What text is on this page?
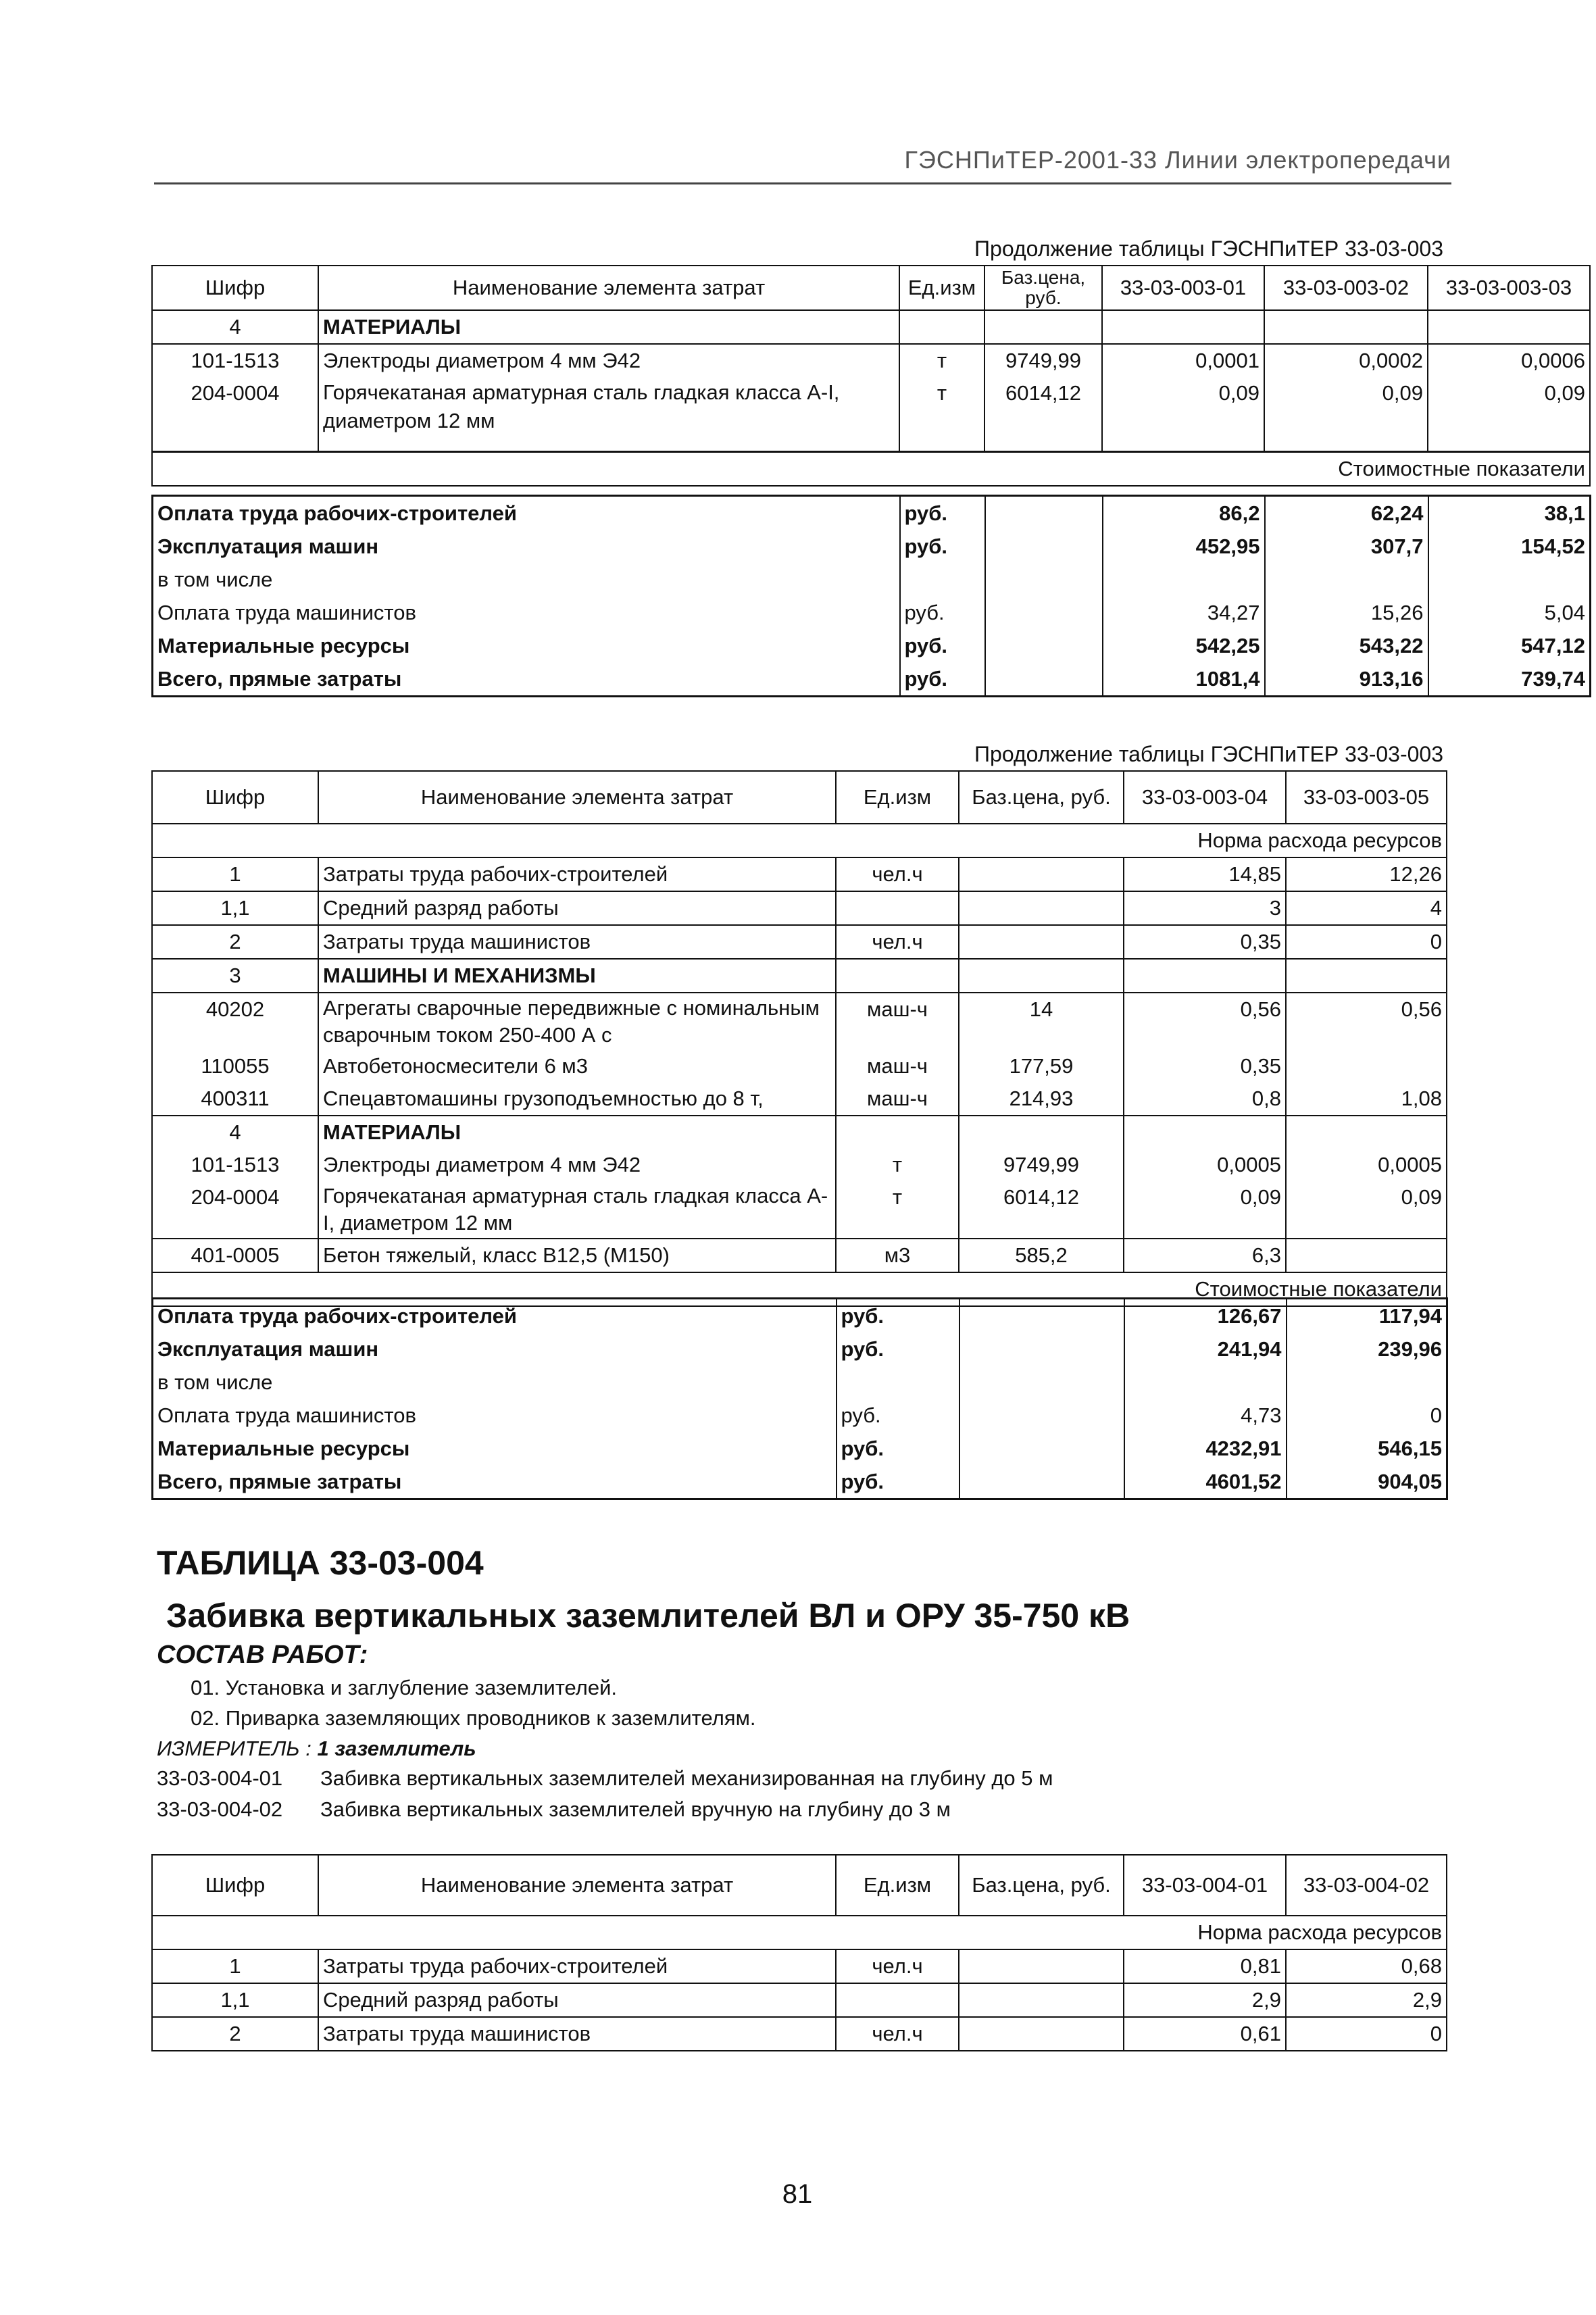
ГЭСНПиТЕР-2001-33 Линии электропередачи
Продолжение таблицы ГЭСНПиТЕР 33-03-003
Шифр	Наименование элемента затрат	Ед.изм	Баз.цена, руб.	33-03-003-01	33-03-003-02	33-03-003-03
4	МАТЕРИАЛЫ					
101-1513	Электроды диаметром 4 мм Э42	т	9749,99	0,0001	0,0002	0,0006
204-0004	Горячекатаная арматурная сталь гладкая класса А-I, диаметром 12 мм	т	6014,12	0,09	0,09	0,09
Стоимостные показатели						
Оплата труда рабочих-строителей	руб.		86,2	62,24	38,1
Эксплуатация машин	руб.		452,95	307,7	154,52
в том числе					
Оплата труда машинистов	руб.		34,27	15,26	5,04
Материальные ресурсы	руб.		542,25	543,22	547,12
Всего, прямые затраты	руб.		1081,4	913,16	739,74
Продолжение таблицы ГЭСНПиТЕР 33-03-003
Шифр	Наименование элемента затрат	Ед.изм	Баз.цена, руб.	33-03-003-04	33-03-003-05
Норма расхода ресурсов					
1	Затраты труда рабочих-строителей	чел.ч		14,85	12,26
1,1	Средний разряд работы			3	4
2	Затраты труда машинистов	чел.ч		0,35	0
3	МАШИНЫ И МЕХАНИЗМЫ				
40202	Агрегаты сварочные передвижные с номинальным сварочным током 250-400 А с	маш-ч	14	0,56	0,56
110055	Автобетоносмесители 6 м3	маш-ч	177,59	0,35	
400311	Спецавтомашины грузоподъемностью до 8 т,	маш-ч	214,93	0,8	1,08
4	МАТЕРИАЛЫ				
101-1513	Электроды диаметром 4 мм Э42	т	9749,99	0,0005	0,0005
204-0004	Горячекатаная арматурная сталь гладкая класса А-I, диаметром 12 мм	т	6014,12	0,09	0,09
401-0005	Бетон тяжелый, класс В12,5 (М150)	м3	585,2	6,3	
Стоимостные показатели					
Оплата труда рабочих-строителей	руб.		126,67	117,94
Эксплуатация машин	руб.		241,94	239,96
в том числе				
Оплата труда машинистов	руб.		4,73	0
Материальные ресурсы	руб.		4232,91	546,15
Всего, прямые затраты	руб.		4601,52	904,05
ТАБЛИЦА 33-03-004
Забивка вертикальных заземлителей ВЛ и ОРУ 35-750 кВ
СОСТАВ РАБОТ:
01. Установка и заглубление заземлителей.
02. Приварка заземляющих проводников к заземлителям.
ИЗМЕРИТЕЛЬ : 1 заземлитель
33-03-004-01 Забивка вертикальных заземлителей механизированная на глубину до 5 м
33-03-004-02 Забивка вертикальных заземлителей вручную на глубину до 3 м
Шифр	Наименование элемента затрат	Ед.изм	Баз.цена, руб.	33-03-004-01	33-03-004-02
Норма расхода ресурсов					
1	Затраты труда рабочих-строителей	чел.ч		0,81	0,68
1,1	Средний разряд работы			2,9	2,9
2	Затраты труда машинистов	чел.ч		0,61	0
81
